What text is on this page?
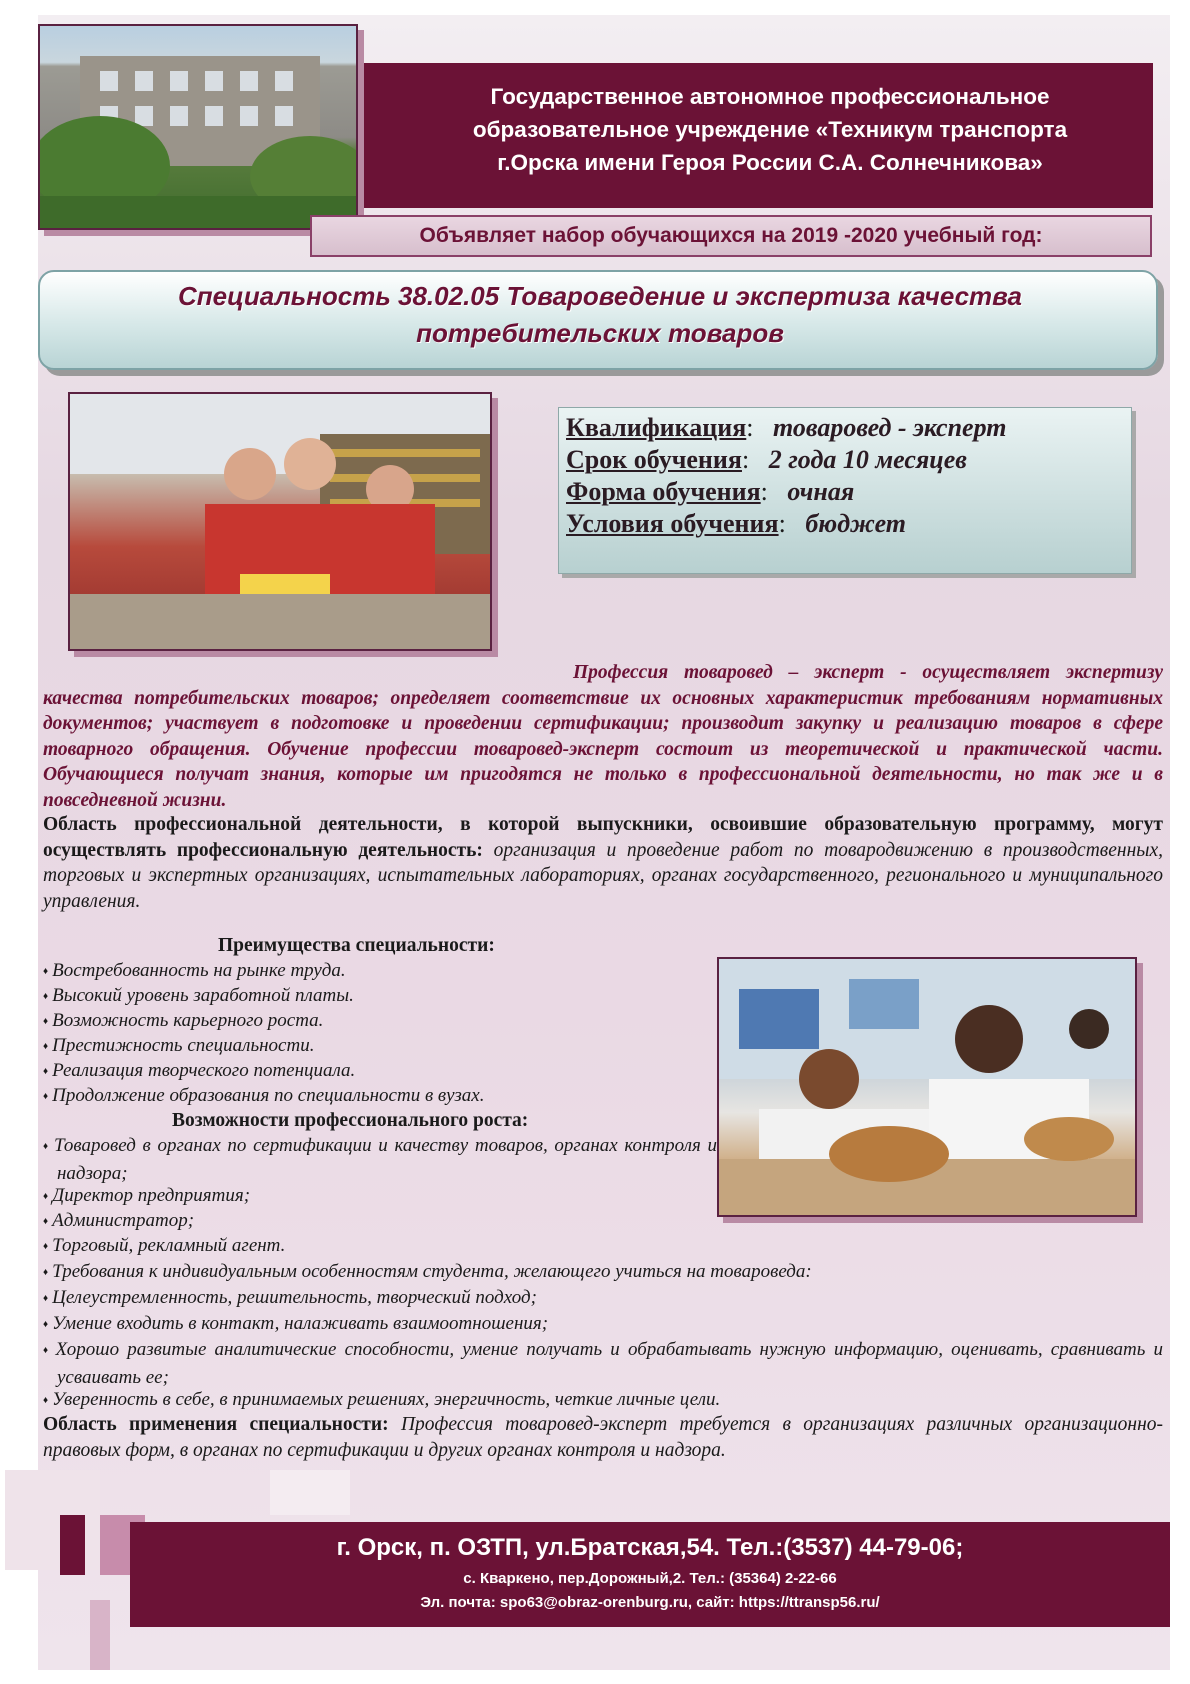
Государственное автономное профессиональное
образовательное учреждение «Техникум транспорта
г.Орска имени Героя России С.А. Солнечникова»
Объявляет набор обучающихся на 2019 -2020 учебный год:
Специальность 38.02.05 Товароведение и экспертиза качества
потребительских товаров
Квалификация:   товаровед - эксперт
Срок обучения:   2 года 10 месяцев
Форма обучения:   очная
Условия обучения:   бюджет
Профессия товаровед – эксперт - осуществляет экспертизу качества потребительских товаров; определяет соответствие их основных характеристик требованиям нормативных документов; участвует в подготовке и проведении сертификации; производит закупку и реализацию товаров в сфере товарного обращения. Обучение профессии товаровед-эксперт состоит из теоретической и практической части. Обучающиеся получат знания, которые им пригодятся не только в профессиональной деятельности, но так же и в повседневной жизни.
Область профессиональной деятельности, в которой выпускники, освоившие образовательную программу, могут осуществлять профессиональную деятельность: организация и проведение работ по товародвижению в производственных, торговых и экспертных организациях, испытательных лабораториях, органах государственного, регионального и муниципального управления.
Преимущества специальности:
♦ Востребованность на рынке труда.
♦ Высокий уровень заработной платы.
♦ Возможность карьерного роста.
♦ Престижность специальности.
♦ Реализация творческого потенциала.
♦ Продолжение образования по специальности в вузах.
Возможности профессионального роста:
♦ Товаровед в органах по сертификации и качеству товаров, органах контроля и надзора;
♦ Директор предприятия;
♦ Администратор;
♦ Торговый, рекламный агент.
♦ Требования к индивидуальным особенностям студента, желающего учиться на товароведа:
♦ Целеустремленность, решительность, творческий подход;
♦ Умение входить в контакт, налаживать взаимоотношения;
♦ Хорошо развитые аналитические способности, умение получать и обрабатывать нужную информацию, оценивать, сравнивать и усваивать ее;
♦ Уверенность в себе, в принимаемых решениях, энергичность, четкие личные цели.
Область применения специальности: Профессия товаровед-эксперт требуется в организациях различных организационно-правовых форм, в органах по сертификации и других органах контроля и надзора.
г. Орск, п. ОЗТП, ул.Братская,54. Тел.:(3537) 44-79-06;
с. Кваркено, пер.Дорожный,2. Тел.: (35364) 2-22-66
Эл. почта: spo63@obraz-orenburg.ru, сайт: https://ttransp56.ru/
